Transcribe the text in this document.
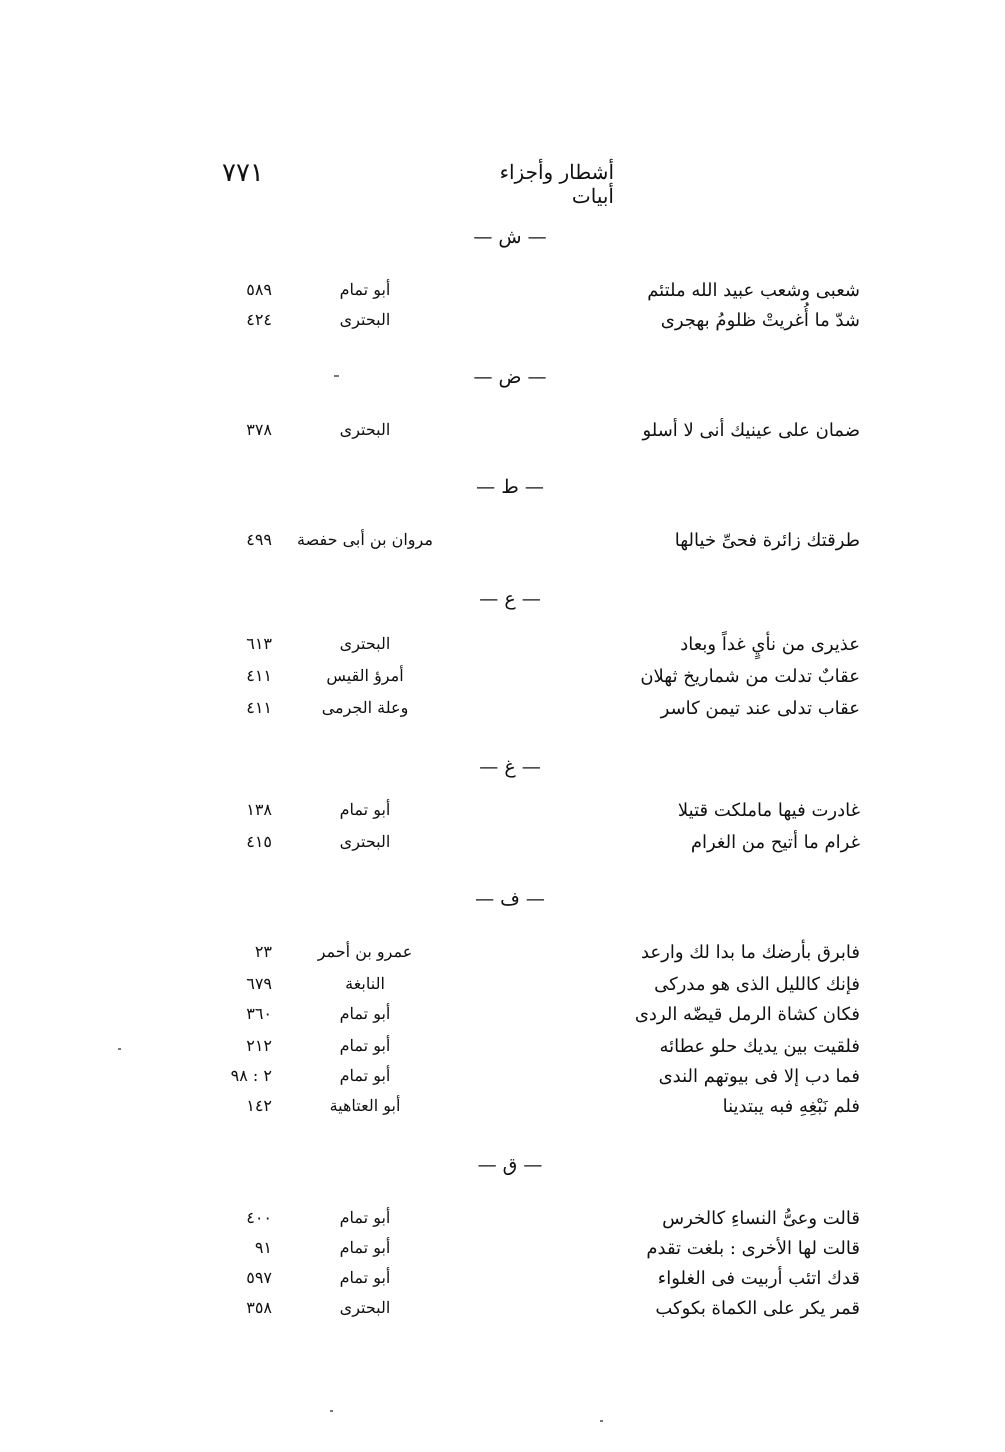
٧٧١	أشطار وأجزاء أبيات
— ش —
شعبى وشعب عبيد الله ملتئم
أبو تمام
٥٨٩
شدّ ما أُغريتْ ظلومُ بهجرى
البحترى
٤٢٤
— ض —
ضمان على عينيك أنى لا أسلو
البحترى
٣٧٨
— ط —
طرقتك زائرة فحىِّ خيالها
مروان بن أبى حفصة
٤٩٩
— ع —
عذيرى من نأيٍ غداً وبعاد
البحترى
٦١٣
عقابٌ تدلت من شماريخ ثهلان
أمرؤ القيس
٤١١
عقاب تدلى عند تيمن كاسر
وعلة الجرمى
٤١١
— غ —
غادرت فيها ماملكت قتيلا
أبو تمام
١٣٨
غرام ما أتيح من الغرام
البحترى
٤١٥
— ف —
فابرق بأرضك ما بدا لك وارعد
عمرو بن أحمر
٢٣
فإنك كالليل الذى هو مدركى
النابغة
٦٧٩
فكان كشاة الرمل قيضّه الردى
أبو تمام
٣٦٠
فلقيت بين يديك حلو عطائه
أبو تمام
٢١٢
فما دب إلا فى بيوتهم الندى
أبو تمام
٢ : ٩٨
فلم نَبْغِهِ فبه يبتدينا
أبو العتاهية
١٤٢
— ق —
قالت وعىُّ النساءِ كالخرس
أبو تمام
٤٠٠
قالت لها الأخرى : بلغت تقدم
أبو تمام
٩١
قدك اتئب أربيت فى الغلواء
أبو تمام
٥٩٧
قمر يكر على الكماة بكوكب
البحترى
٣٥٨
